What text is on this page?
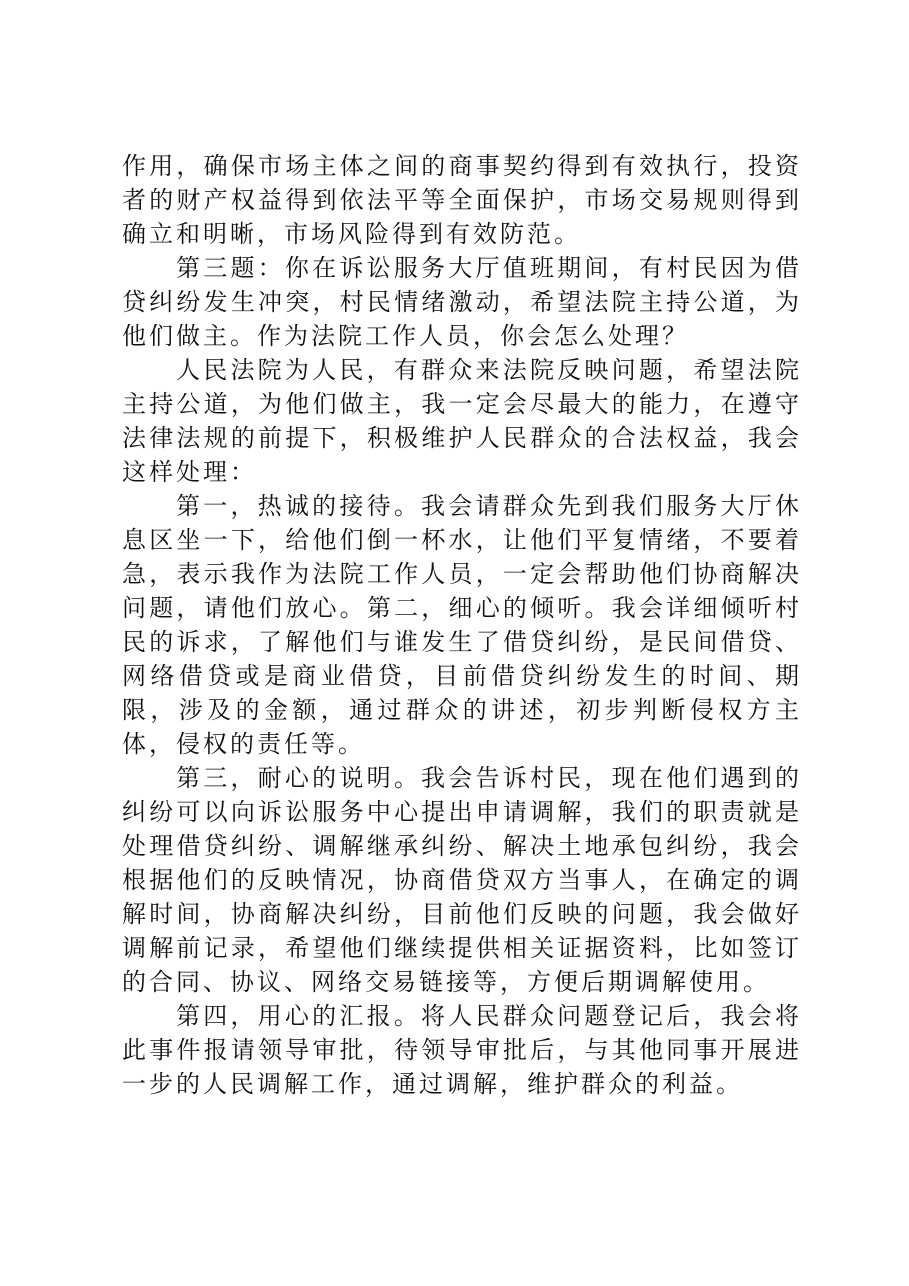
作用，确保市场主体之间的商事契约得到有效执行，投资者的财产权益得到依法平等全面保护，市场交易规则得到确立和明晰，市场风险得到有效防范。

第三题：你在诉讼服务大厅值班期间，有村民因为借贷纠纷发生冲突，村民情绪激动，希望法院主持公道，为他们做主。作为法院工作人员，你会怎么处理？

人民法院为人民，有群众来法院反映问题，希望法院主持公道，为他们做主，我一定会尽最大的能力，在遵守法律法规的前提下，积极维护人民群众的合法权益，我会这样处理：

第一，热诚的接待。我会请群众先到我们服务大厅休息区坐一下，给他们倒一杯水，让他们平复情绪，不要着急，表示我作为法院工作人员，一定会帮助他们协商解决问题，请他们放心。第二，细心的倾听。我会详细倾听村民的诉求，了解他们与谁发生了借贷纠纷，是民间借贷、网络借贷或是商业借贷，目前借贷纠纷发生的时间、期限，涉及的金额，通过群众的讲述，初步判断侵权方主体，侵权的责任等。

第三，耐心的说明。我会告诉村民，现在他们遇到的纠纷可以向诉讼服务中心提出申请调解，我们的职责就是处理借贷纠纷、调解继承纠纷、解决土地承包纠纷，我会根据他们的反映情况，协商借贷双方当事人，在确定的调解时间，协商解决纠纷，目前他们反映的问题，我会做好调解前记录，希望他们继续提供相关证据资料，比如签订的合同、协议、网络交易链接等，方便后期调解使用。

第四，用心的汇报。将人民群众问题登记后，我会将此事件报请领导审批，待领导审批后，与其他同事开展进一步的人民调解工作，通过调解，维护群众的利益。
